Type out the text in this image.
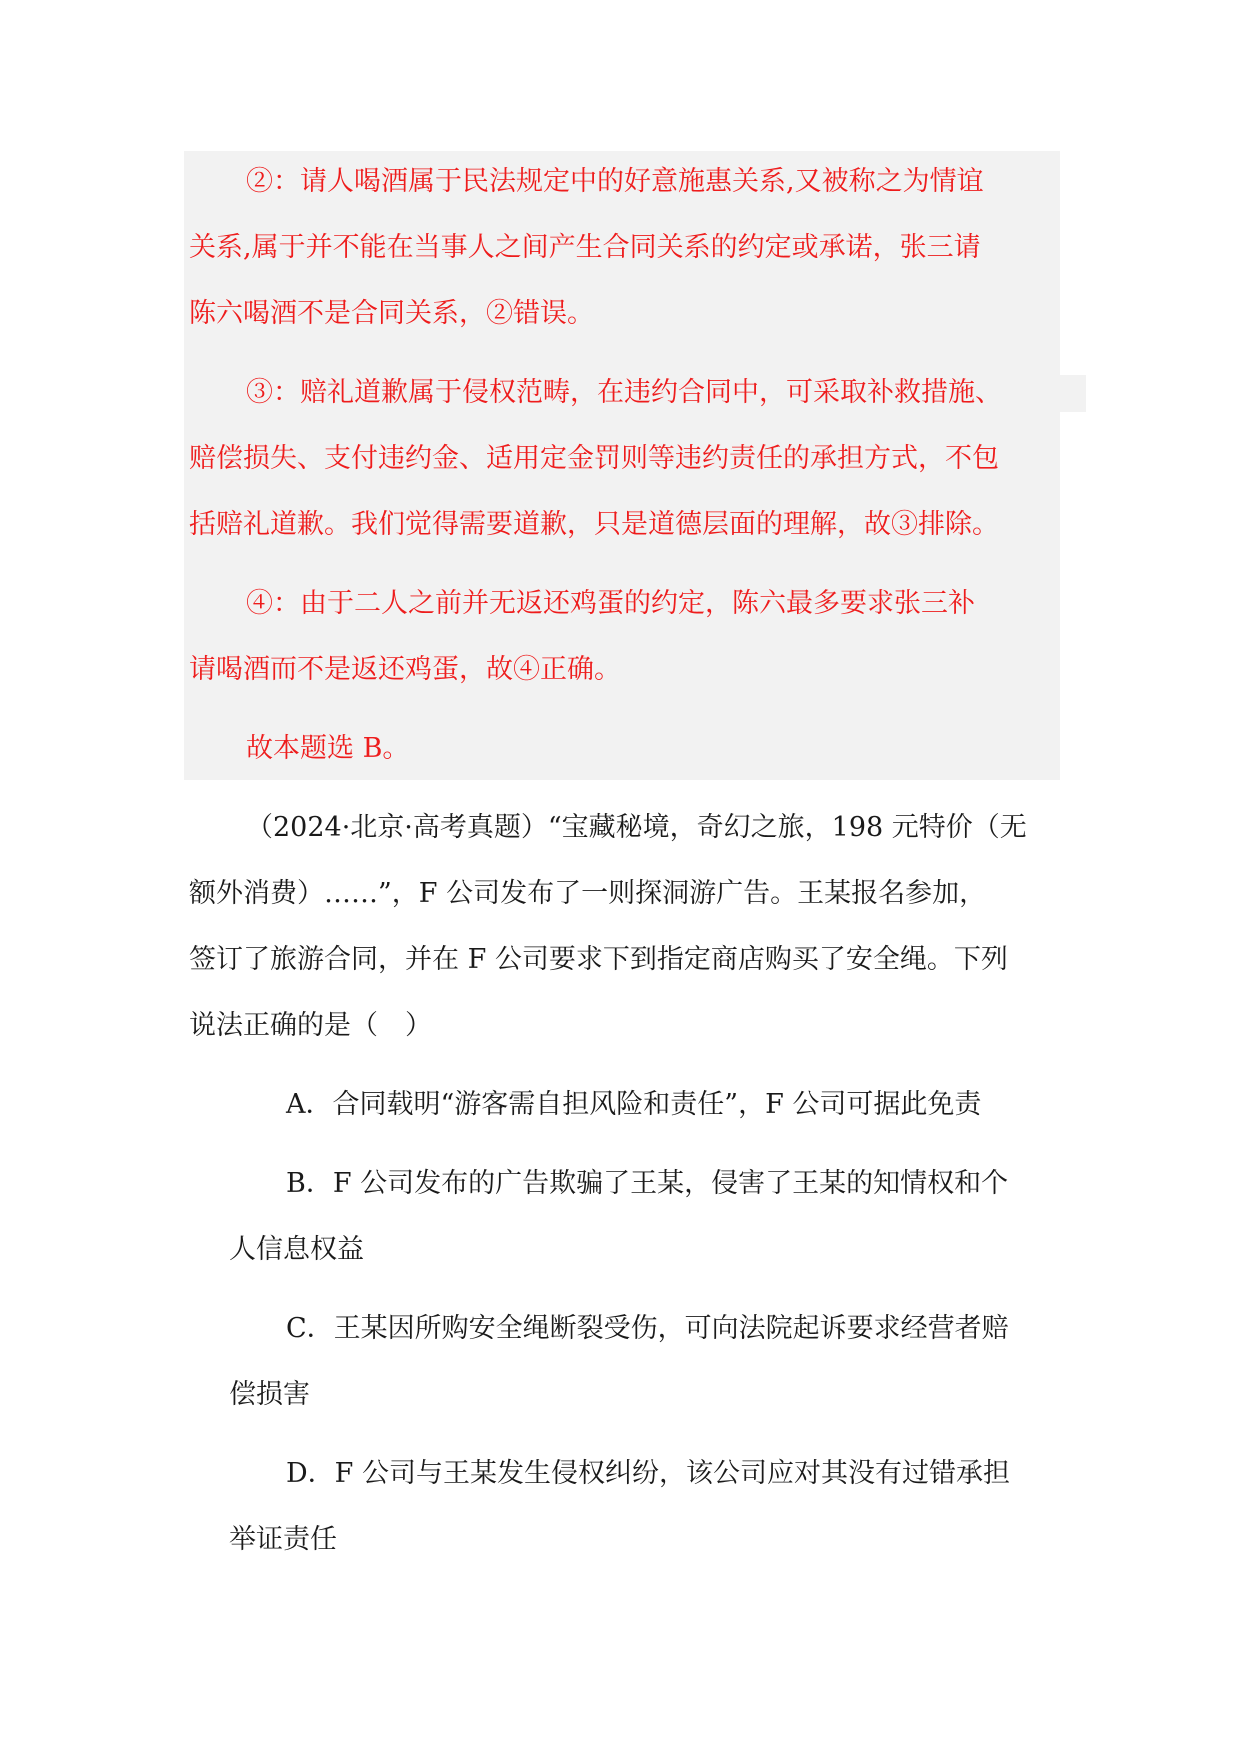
②：请人喝酒属于民法规定中的好意施惠关系,又被称之为情谊
关系,属于并不能在当事人之间产生合同关系的约定或承诺，张三请
陈六喝酒不是合同关系，②错误。
③：赔礼道歉属于侵权范畴，在违约合同中，可采取补救措施、
赔偿损失、支付违约金、适用定金罚则等违约责任的承担方式，不包
括赔礼道歉。我们觉得需要道歉，只是道德层面的理解，故③排除。
④：由于二人之前并无返还鸡蛋的约定，陈六最多要求张三补
请喝酒而不是返还鸡蛋，故④正确。
故本题选 B。
（2024·北京·高考真题）“宝藏秘境，奇幻之旅，198 元特价（无
额外消费）……”，F 公司发布了一则探洞游广告。王某报名参加，
签订了旅游合同，并在 F 公司要求下到指定商店购买了安全绳。下列
说法正确的是（　）
A．合同载明“游客需自担风险和责任”，F 公司可据此免责
B．F 公司发布的广告欺骗了王某，侵害了王某的知情权和个
人信息权益
C．王某因所购安全绳断裂受伤，可向法院起诉要求经营者赔
偿损害
D．F 公司与王某发生侵权纠纷，该公司应对其没有过错承担
举证责任
